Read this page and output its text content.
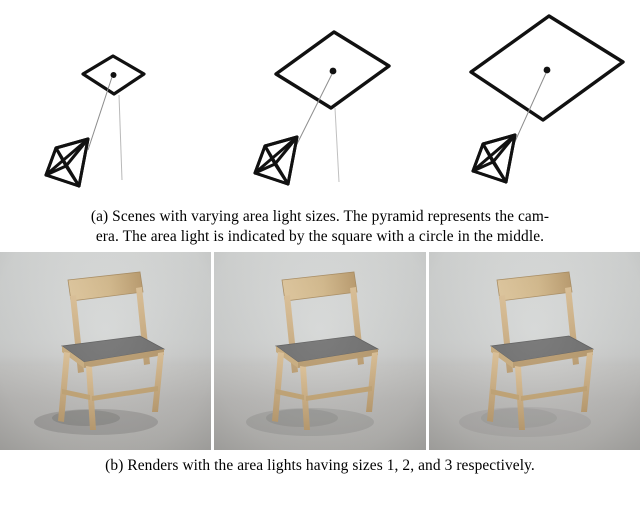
(a) Scenes with varying area light sizes. The pyramid represents the cam-
era. The area light is indicated by the square with a circle in the middle.
(b) Renders with the area lights having sizes 1, 2, and 3 respectively.
